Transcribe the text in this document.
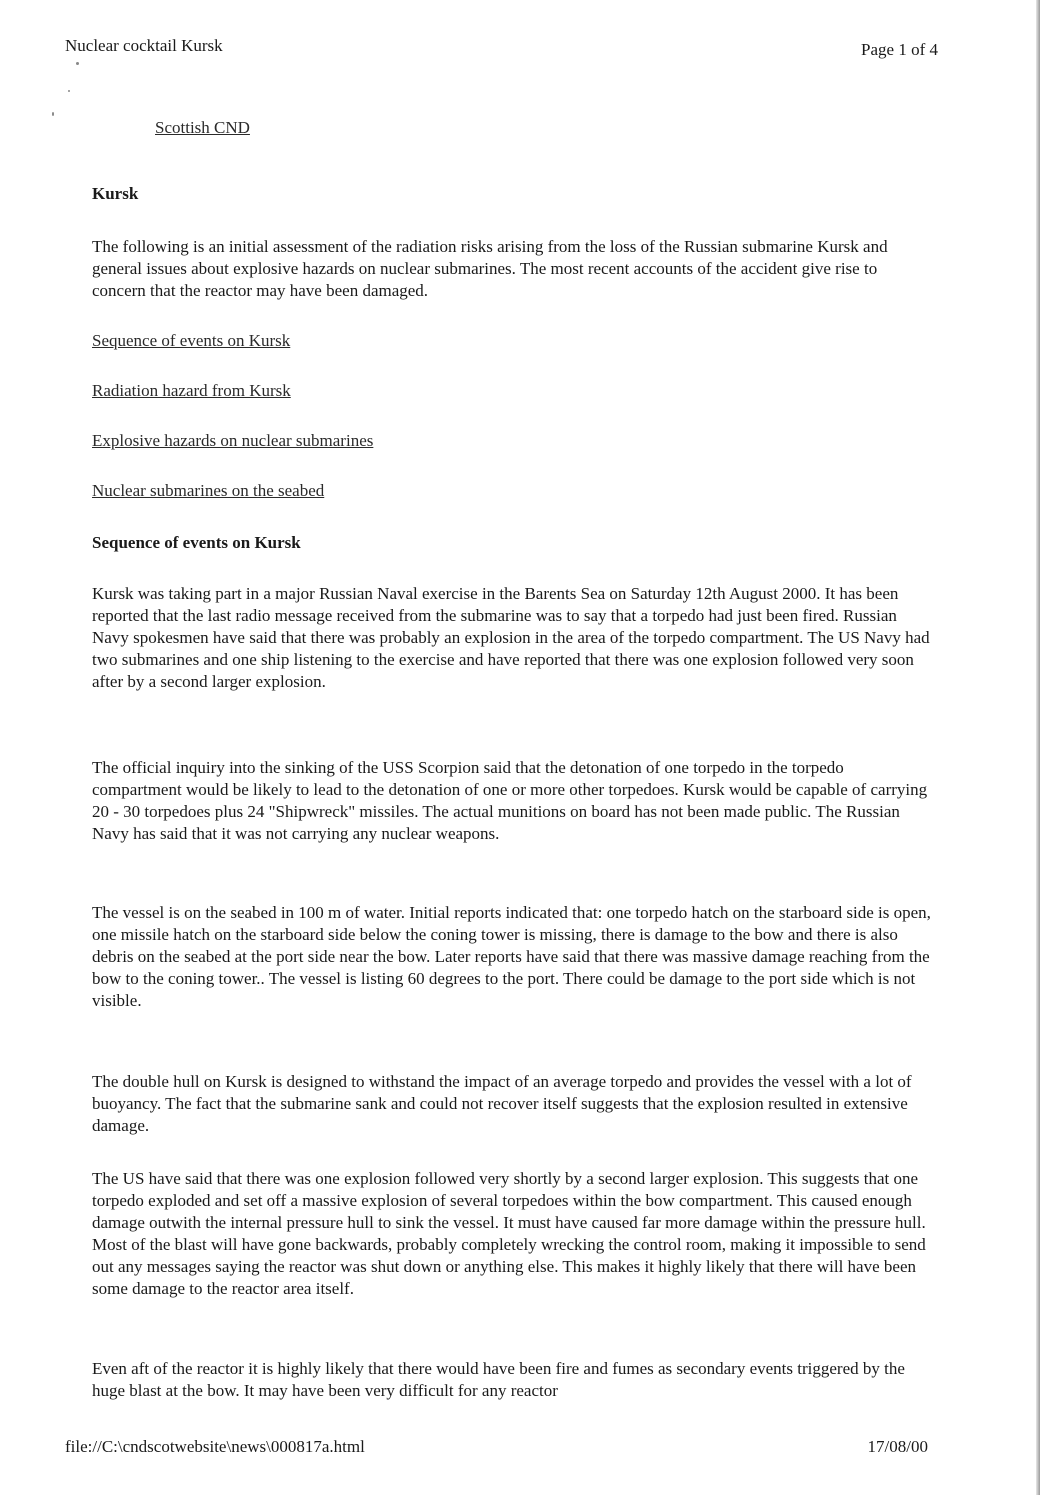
Nuclear cocktail Kursk	Page 1 of 4
Scottish CND
Kursk

The following is an initial assessment of the radiation risks arising from the loss of the Russian submarine Kursk and general issues about explosive hazards on nuclear submarines. The most recent accounts of the accident give rise to concern that the reactor may have been damaged.

Sequence of events on Kursk
Radiation hazard from Kursk
Explosive hazards on nuclear submarines
Nuclear submarines on the seabed
Sequence of events on Kursk

Kursk was taking part in a major Russian Naval exercise in the Barents Sea on Saturday 12th August 2000. It has been reported that the last radio message received from the submarine was to say that a torpedo had just been fired. Russian Navy spokesmen have said that there was probably an explosion in the area of the torpedo compartment. The US Navy had two submarines and one ship listening to the exercise and have reported that there was one explosion followed very soon after by a second larger explosion.

The official inquiry into the sinking of the USS Scorpion said that the detonation of one torpedo in the torpedo compartment would be likely to lead to the detonation of one or more other torpedoes. Kursk would be capable of carrying 20 - 30 torpedoes plus 24 "Shipwreck" missiles. The actual munitions on board has not been made public. The Russian Navy has said that it was not carrying any nuclear weapons.

The vessel is on the seabed in 100 m of water. Initial reports indicated that: one torpedo hatch on the starboard side is open, one missile hatch on the starboard side below the coning tower is missing, there is damage to the bow and there is also debris on the seabed at the port side near the bow. Later reports have said that there was massive damage reaching from the bow to the coning tower.. The vessel is listing 60 degrees to the port. There could be damage to the port side which is not visible.

The double hull on Kursk is designed to withstand the impact of an average torpedo and provides the vessel with a lot of buoyancy. The fact that the submarine sank and could not recover itself suggests that the explosion resulted in extensive damage.

The US have said that there was one explosion followed very shortly by a second larger explosion. This suggests that one torpedo exploded and set off a massive explosion of several torpedoes within the bow compartment. This caused enough damage outwith the internal pressure hull to sink the vessel. It must have caused far more damage within the pressure hull. Most of the blast will have gone backwards, probably completely wrecking the control room, making it impossible to send out any messages saying the reactor was shut down or anything else. This makes it highly likely that there will have been some damage to the reactor area itself.

Even aft of the reactor it is highly likely that there would have been fire and fumes as secondary events triggered by the huge blast at the bow. It may have been very difficult for any reactor

file://C:\cndscotwebsite\news\000817a.html	17/08/00
